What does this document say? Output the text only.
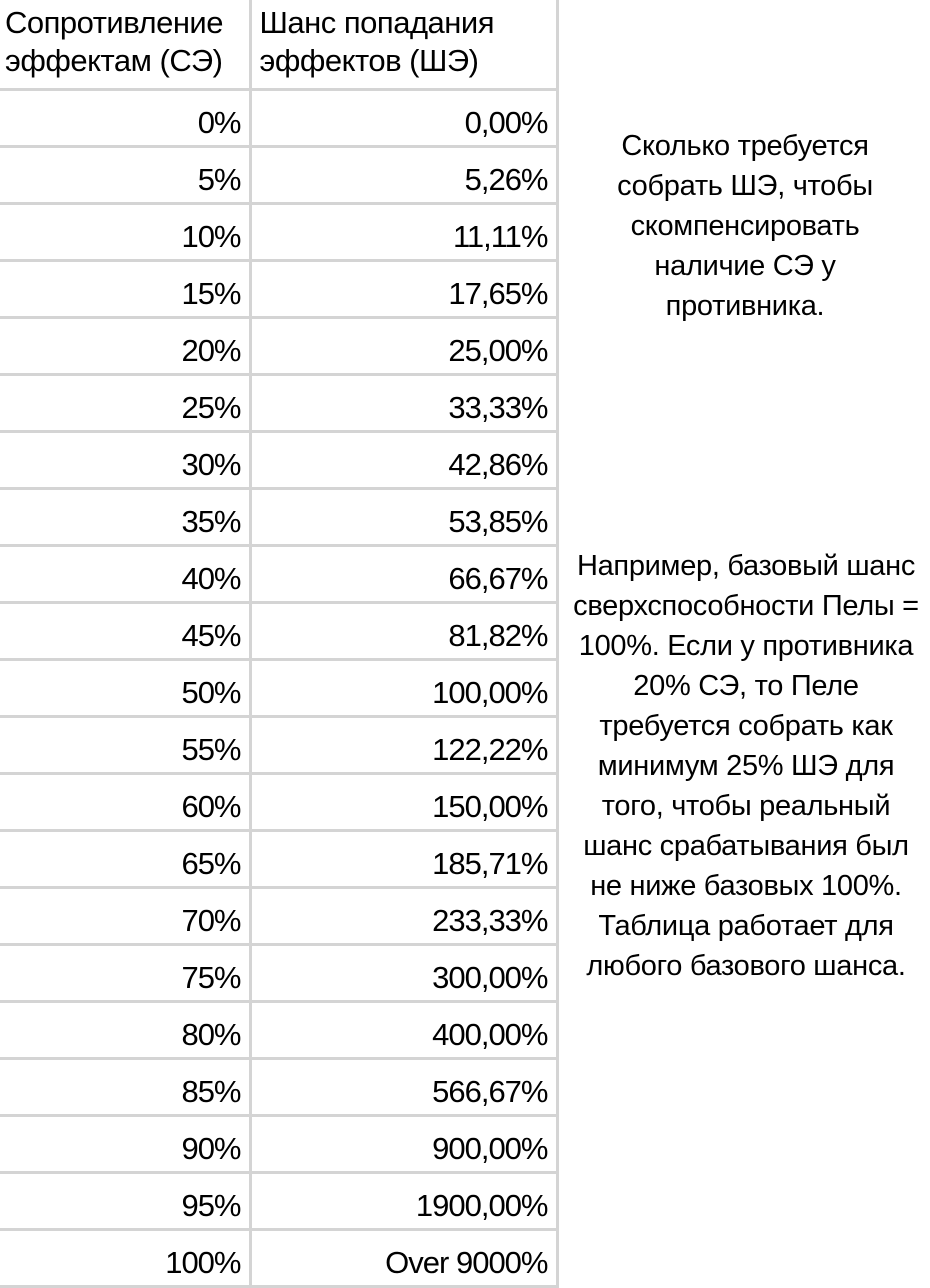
Сопротивление эффектам (СЭ)	Шанс попадания эффектов (ШЭ)
0%	0,00%
5%	5,26%
10%	11,11%
15%	17,65%
20%	25,00%
25%	33,33%
30%	42,86%
35%	53,85%
40%	66,67%
45%	81,82%
50%	100,00%
55%	122,22%
60%	150,00%
65%	185,71%
70%	233,33%
75%	300,00%
80%	400,00%
85%	566,67%
90%	900,00%
95%	1900,00%
100%	Over 9000%
Сколько требуется собрать ШЭ, чтобы скомпенсировать наличие СЭ у противника.
Например, базовый шанс сверхспособности Пелы = 100%. Если у противника 20% СЭ, то Пеле требуется собрать как минимум 25% ШЭ для того, чтобы реальный шанс срабатывания был не ниже базовых 100%. Таблица работает для любого базового шанса.
